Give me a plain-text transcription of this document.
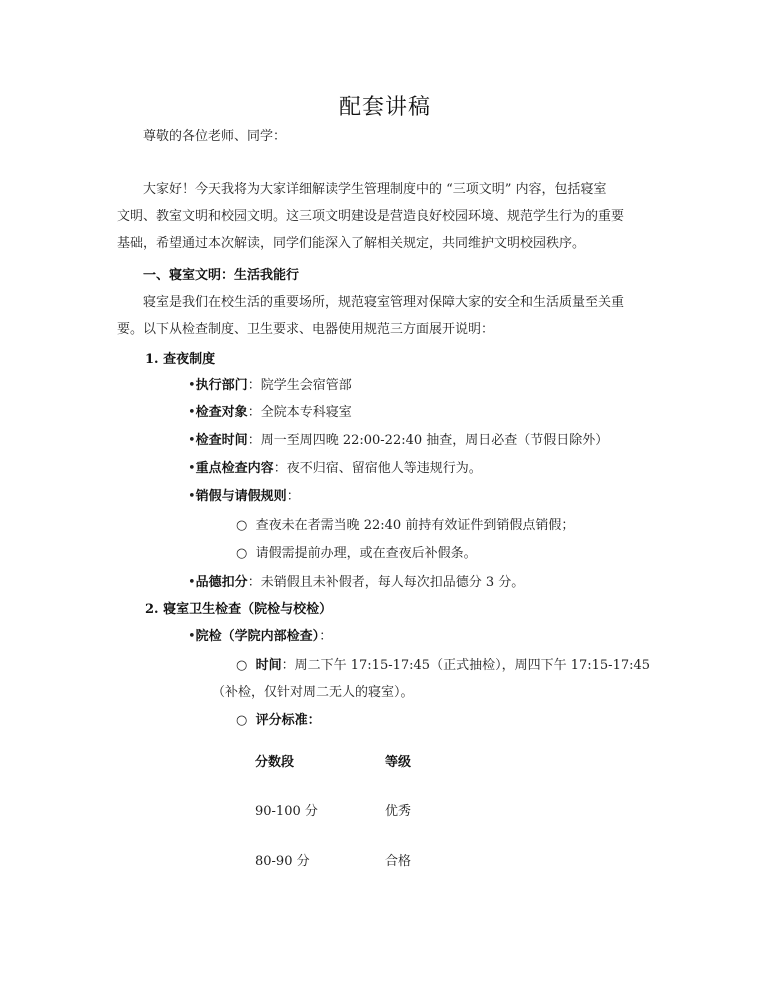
配套讲稿
尊敬的各位老师、同学：
大家好！今天我将为大家详细解读学生管理制度中的 “三项文明” 内容，包括寝室
文明、教室文明和校园文明。这三项文明建设是营造良好校园环境、规范学生行为的重要
基础，希望通过本次解读，同学们能深入了解相关规定，共同维护文明校园秩序。
一、寝室文明：生活我能行
寝室是我们在校生活的重要场所，规范寝室管理对保障大家的安全和生活质量至关重
要。以下从检查制度、卫生要求、电器使用规范三方面展开说明：
1. 查夜制度
•执行部门：院学生会宿管部
•检查对象：全院本专科寝室
•检查时间：周一至周四晚 22:00-22:40 抽查，周日必查（节假日除外）
•重点检查内容：夜不归宿、留宿他人等违规行为。
•销假与请假规则：
○ 查夜未在者需当晚 22:40 前持有效证件到销假点销假；
○ 请假需提前办理，或在查夜后补假条。
•品德扣分：未销假且未补假者，每人每次扣品德分 3 分。
2. 寝室卫生检查（院检与校检）
•院检（学院内部检查）：
○ 时间：周二下午 17:15-17:45（正式抽检），周四下午 17:15-17:45
（补检，仅针对周二无人的寝室）。
○ 评分标准：
分数段	等级
90-100 分	优秀
80-90 分	合格
